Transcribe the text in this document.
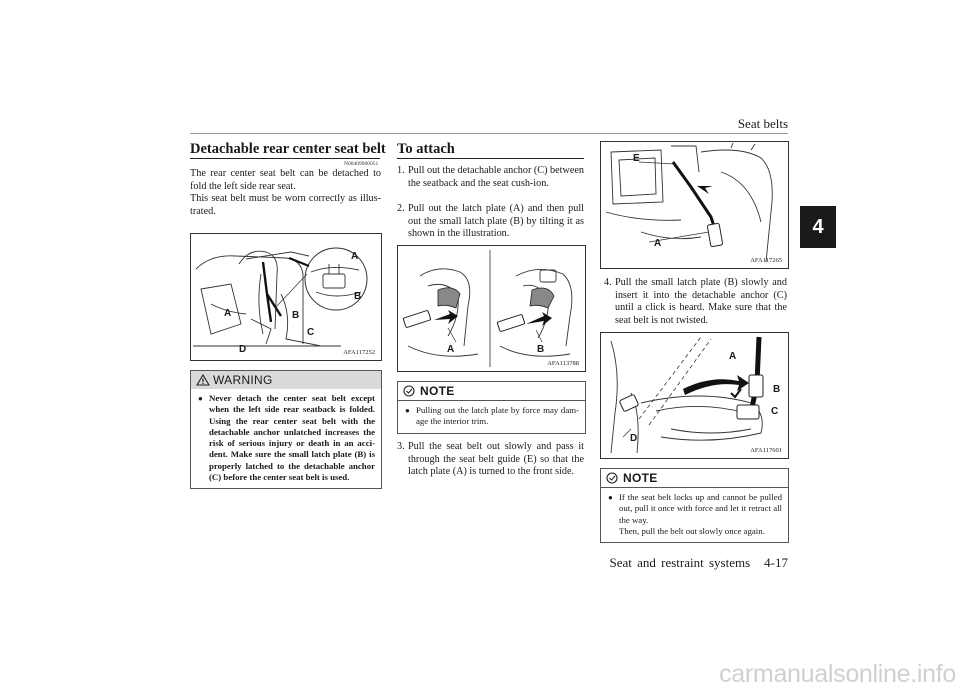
Seat belts
4
Detachable rear center seat belt
N00409900051
The rear center seat belt can be detached to fold the left side rear seat.
This seat belt must be worn correctly as illus-trated.
A
B
A	B
C
D	AFA117252
WARNING
● Never detach the center seat belt except when the left side rear seatback is folded. Using the rear center seat belt with the detachable anchor unlatched increases the risk of serious injury or death in an acci-dent. Make sure the small latch plate (B) is properly latched to the detachable anchor (C) before the center seat belt is used.
To attach
1. Pull out the detachable anchor (C) between the seatback and the seat cush-ion.
2. Pull out the latch plate (A) and then pull out the small latch plate (B) by tilting it as shown in the illustration.
A	B
AFA113788
NOTE
● Pulling out the latch plate by force may dam-age the interior trim.
3. Pull the seat belt out slowly and pass it through the seat belt guide (E) so that the latch plate (A) is turned to the front side.
E
A
AFA117265
4. Pull the small latch plate (B) slowly and insert it into the detachable anchor (C) until a click is heard. Make sure that the seat belt is not twisted.
A
B
C
D
AFA117601
NOTE
● If the seat belt locks up and cannot be pulled out, pull it once with force and let it retract all the way.
Then, pull the belt out slowly once again.
Seat and restraint systems 4-17
carmanualsonline.info
